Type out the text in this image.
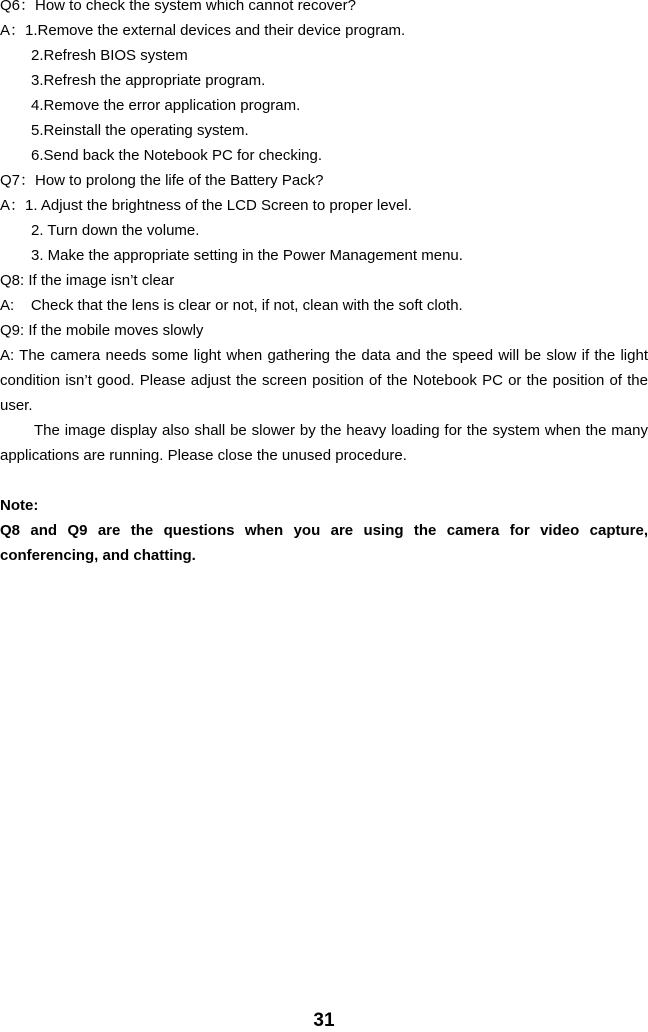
Q6：How to check the system which cannot recover?
A：1.Remove the external devices and their device program.
2.Refresh BIOS system
3.Refresh the appropriate program.
4.Remove the error application program.
5.Reinstall the operating system.
6.Send back the Notebook PC for checking.
Q7：How to prolong the life of the Battery Pack?
A：1. Adjust the brightness of the LCD Screen to proper level.
2. Turn down the volume.
3. Make the appropriate setting in the Power Management menu.
Q8: If the image isn’t clear
A:    Check that the lens is clear or not, if not, clean with the soft cloth.
Q9: If the mobile moves slowly
A: The camera needs some light when gathering the data and the speed will be slow if the light condition isn’t good. Please adjust the screen position of the Notebook PC or the position of the user.
The image display also shall be slower by the heavy loading for the system when the many applications are running. Please close the unused procedure.
Note:
Q8 and Q9 are the questions when you are using the camera for video capture, conferencing, and chatting.
31
